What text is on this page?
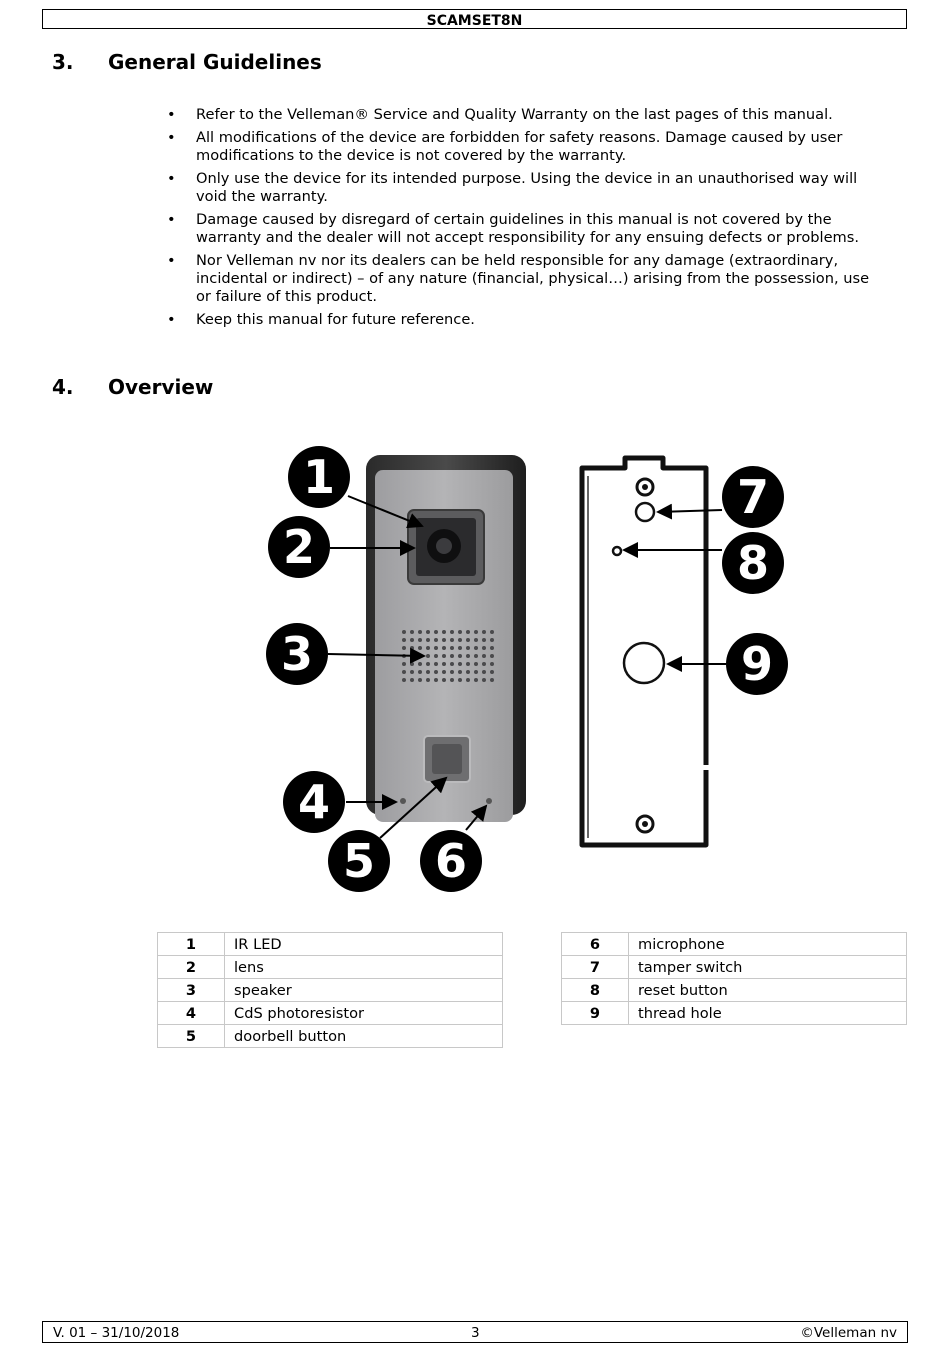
SCAMSET8N
3. General Guidelines
• Refer to the Velleman® Service and Quality Warranty on the last pages of this manual.
• All modifications of the device are forbidden for safety reasons. Damage caused by user modifications to the device is not covered by the warranty.
• Only use the device for its intended purpose. Using the device in an unauthorised way will void the warranty.
• Damage caused by disregard of certain guidelines in this manual is not covered by the warranty and the dealer will not accept responsibility for any ensuing defects or problems.
• Nor Velleman nv nor its dealers can be held responsible for any damage (extraordinary, incidental or indirect) – of any nature (financial, physical…) arising from the possession, use or failure of this product.
• Keep this manual for future reference.
4. Overview
1
2
3
4
5 6
7
8
9
1	IR LED
2	lens
3	speaker
4	CdS photoresistor
5	doorbell button
6	microphone
7	tamper switch
8	reset button
9	thread hole
V. 01 – 31/10/2018	3	©Velleman nv
